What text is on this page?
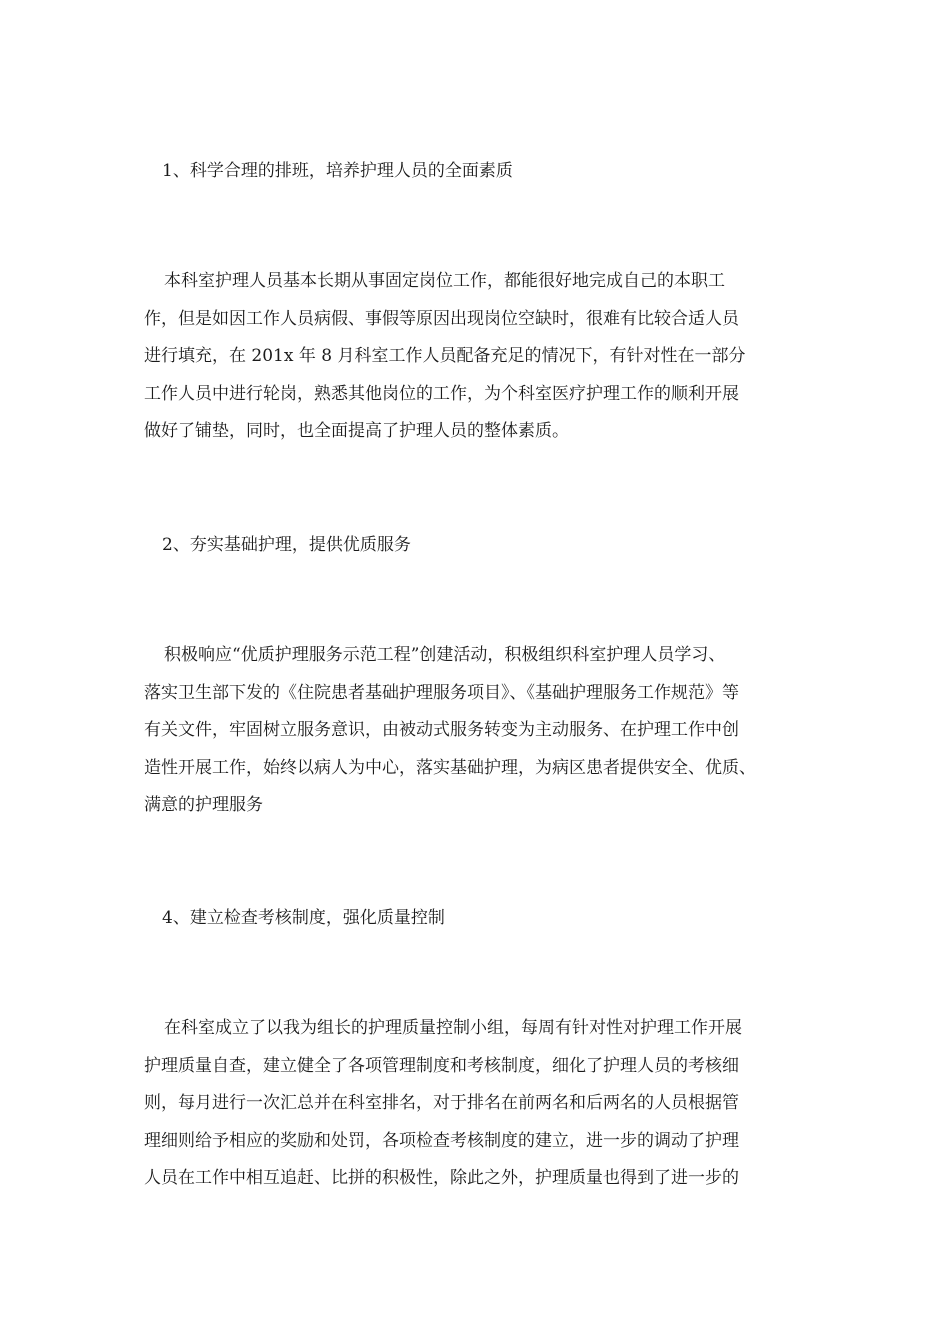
1、科学合理的排班，培养护理人员的全面素质
本科室护理人员基本长期从事固定岗位工作，都能很好地完成自己的本职工
作，但是如因工作人员病假、事假等原因出现岗位空缺时，很难有比较合适人员
进行填充，在 201x 年 8 月科室工作人员配备充足的情况下，有针对性在一部分
工作人员中进行轮岗，熟悉其他岗位的工作，为个科室医疗护理工作的顺利开展
做好了铺垫，同时，也全面提高了护理人员的整体素质。
2、夯实基础护理，提供优质服务
积极响应“优质护理服务示范工程”创建活动，积极组织科室护理人员学习、
落实卫生部下发的《住院患者基础护理服务项目》、《基础护理服务工作规范》等
有关文件，牢固树立服务意识，由被动式服务转变为主动服务、在护理工作中创
造性开展工作，始终以病人为中心，落实基础护理，为病区患者提供安全、优质、
满意的护理服务
4、建立检查考核制度，强化质量控制
在科室成立了以我为组长的护理质量控制小组，每周有针对性对护理工作开展
护理质量自查，建立健全了各项管理制度和考核制度，细化了护理人员的考核细
则，每月进行一次汇总并在科室排名，对于排名在前两名和后两名的人员根据管
理细则给予相应的奖励和处罚，各项检查考核制度的建立，进一步的调动了护理
人员在工作中相互追赶、比拼的积极性，除此之外，护理质量也得到了进一步的
